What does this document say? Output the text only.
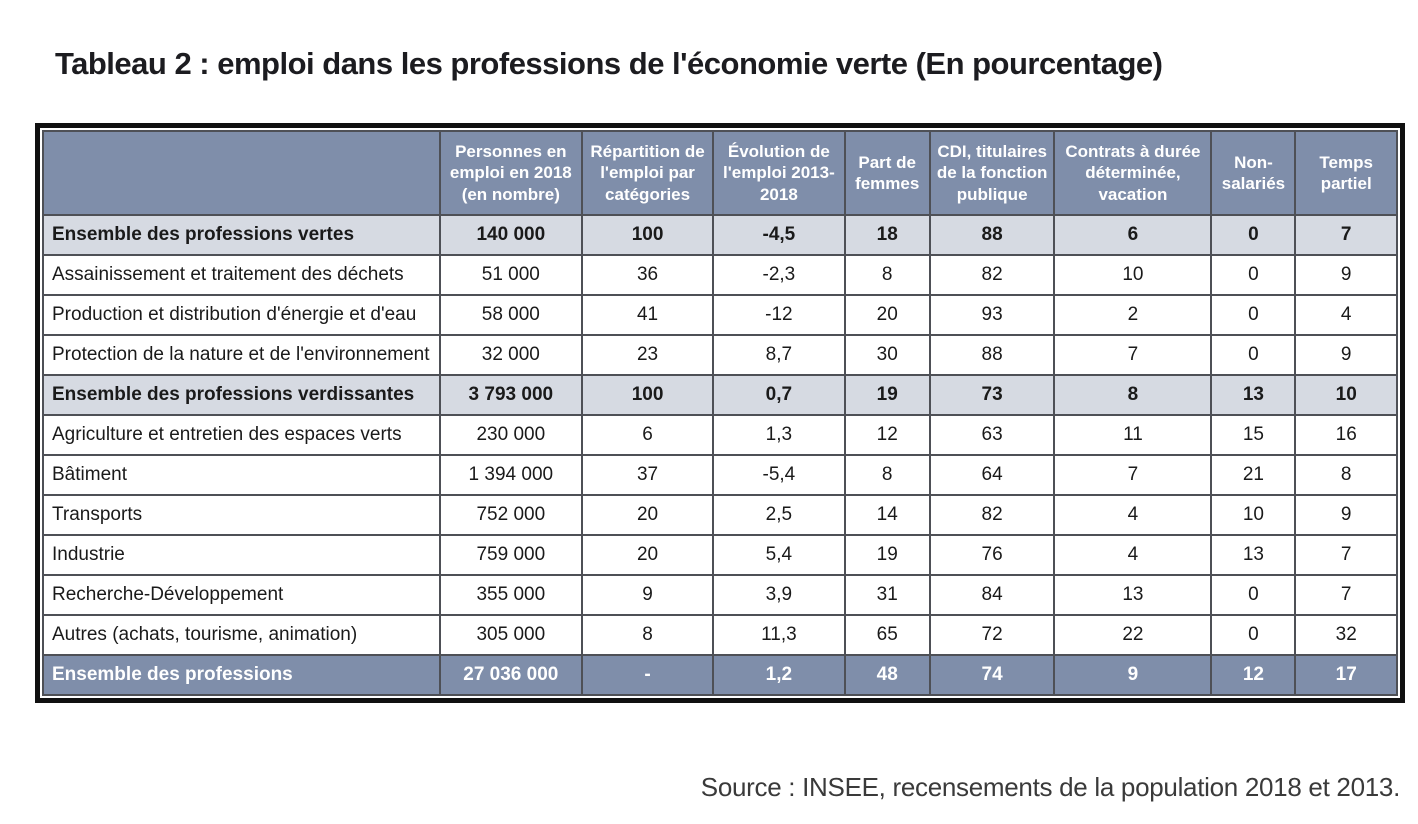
Tableau 2 : emploi dans les professions de l'économie verte (En pourcentage)
	Personnes en emploi en 2018 (en nombre)	Répartition de l'emploi par catégories	Évolution de l'emploi 2013-2018	Part de femmes	CDI, titulaires de la fonction publique	Contrats à durée déterminée, vacation	Non-salariés	Temps partiel
Ensemble des professions vertes	140 000	100	-4,5	18	88	6	0	7
Assainissement et traitement des déchets	51 000	36	-2,3	8	82	10	0	9
Production et distribution d'énergie et d'eau	58 000	41	-12	20	93	2	0	4
Protection de la nature et de l'environnement	32 000	23	8,7	30	88	7	0	9
Ensemble des professions verdissantes	3 793 000	100	0,7	19	73	8	13	10
Agriculture et entretien des espaces verts	230 000	6	1,3	12	63	11	15	16
Bâtiment	1 394 000	37	-5,4	8	64	7	21	8
Transports	752 000	20	2,5	14	82	4	10	9
Industrie	759 000	20	5,4	19	76	4	13	7
Recherche-Développement	355 000	9	3,9	31	84	13	0	7
Autres (achats, tourisme, animation)	305 000	8	11,3	65	72	22	0	32
Ensemble des professions	27 036 000	-	1,2	48	74	9	12	17
Source : INSEE, recensements de la population 2018 et 2013.
